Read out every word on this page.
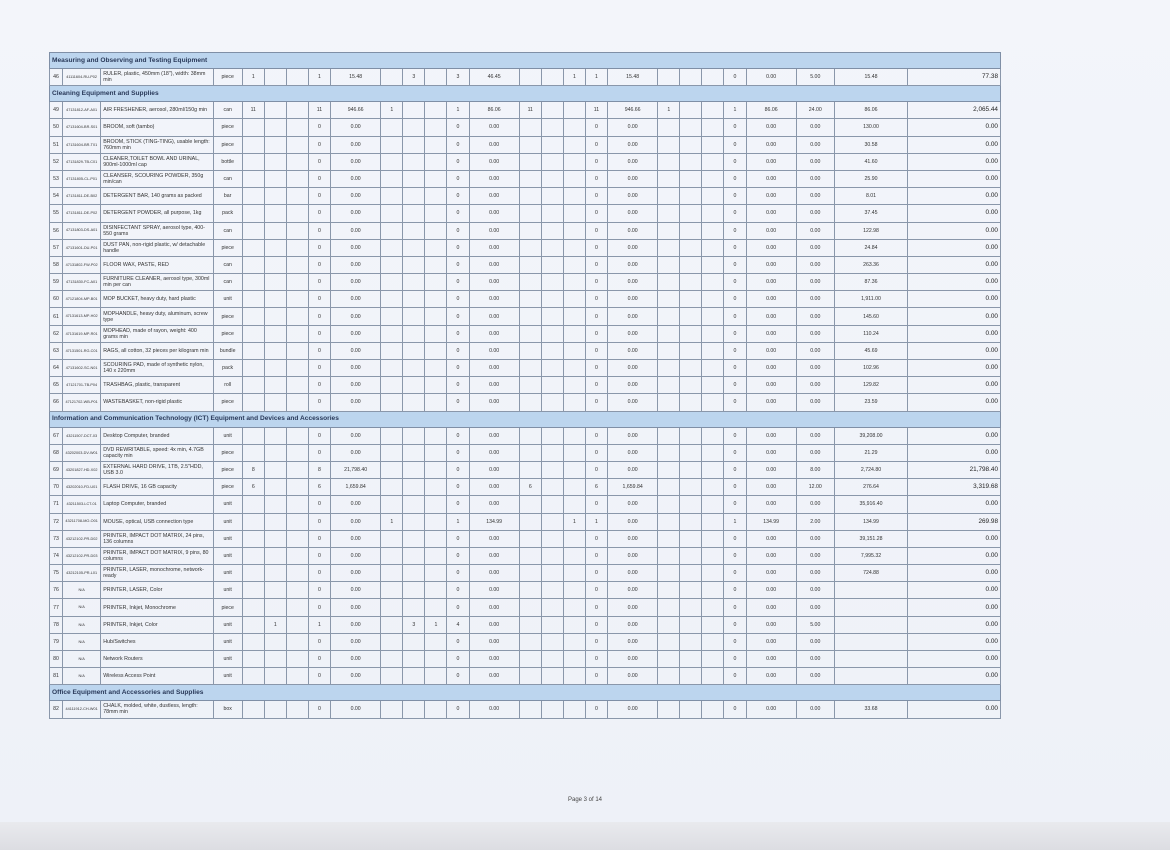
Measuring and Observing and Testing Equipment																										
46	41111604-RU-P02	RULER, plastic, 450mm (18"), width: 38mm min	piece	1			1	15.48		3		3	46.45			1	1	15.48				0	0.00	5.00	15.48	77.38
Cleaning Equipment and Supplies																										
49	47131812-AF-A01	AIR FRESHENER, aerosol, 280ml/150g min	can	11			11	946.66	1			1	86.06	11			11	946.66	1			1	86.06	24.00	86.06	2,065.44
50	47131604-BR-S01	BROOM, soft (tambo)	piece				0	0.00				0	0.00				0	0.00				0	0.00	0.00	130.00	0.00
51	47131604-BR-T01	BROOM, STICK (TING-TING), usable length: 760mm min	piece				0	0.00				0	0.00				0	0.00				0	0.00	0.00	30.58	0.00
52	47131829-TB-C01	CLEANER,TOILET BOWL AND URINAL, 900ml-1000ml cap	bottle				0	0.00				0	0.00				0	0.00				0	0.00	0.00	41.60	0.00
53	47131805-CL-P01	CLEANSER, SCOURING POWDER, 350g min/can	can				0	0.00				0	0.00				0	0.00				0	0.00	0.00	25.90	0.00
54	47131811-DE-B02	DETERGENT BAR, 140 grams as packed	bar				0	0.00				0	0.00				0	0.00				0	0.00	0.00	8.01	0.00
55	47131811-DE-P02	DETERGENT POWDER, all purpose, 1kg	pack				0	0.00				0	0.00				0	0.00				0	0.00	0.00	37.45	0.00
56	47131803-DS-A01	DISINFECTANT SPRAY, aerosol type, 400-550 grams	can				0	0.00				0	0.00				0	0.00				0	0.00	0.00	122.98	0.00
57	47131601-DU-P01	DUST PAN, non-rigid plastic, w/ detachable handle	piece				0	0.00				0	0.00				0	0.00				0	0.00	0.00	24.84	0.00
58	47131802-FW-P02	FLOOR WAX, PASTE, RED	can				0	0.00				0	0.00				0	0.00				0	0.00	0.00	263.36	0.00
59	47131830-FC-A01	FURNITURE CLEANER, aerosol type, 300ml min per can	can				0	0.00				0	0.00				0	0.00				0	0.00	0.00	87.36	0.00
60	47121804-MP-B01	MOP BUCKET, heavy duty, hard plastic	unit				0	0.00				0	0.00				0	0.00				0	0.00	0.00	1,911.00	0.00
61	47131613-MP-H02	MOPHANDLE, heavy duty, aluminum, screw type	piece				0	0.00				0	0.00				0	0.00				0	0.00	0.00	145.60	0.00
62	47131619-MP-R01	MOPHEAD, made of rayon, weight: 400 grams min	piece				0	0.00				0	0.00				0	0.00				0	0.00	0.00	110.24	0.00
63	47131501-RG-C01	RAGS, all cotton, 32 pieces per kilogram min	bundle				0	0.00				0	0.00				0	0.00				0	0.00	0.00	45.69	0.00
64	47131602-SC-N01	SCOURING PAD, made of synthetic nylon, 140 x 220mm	pack				0	0.00				0	0.00				0	0.00				0	0.00	0.00	102.96	0.00
65	47121701-TB-P04	TRASHBAG, plastic, transparent	roll				0	0.00				0	0.00				0	0.00				0	0.00	0.00	129.82	0.00
66	47121702-WB-P01	WASTEBASKET, non-rigid plastic	piece				0	0.00				0	0.00				0	0.00				0	0.00	0.00	23.59	0.00
Information and Communication Technology (ICT) Equipment and Devices and Accessories																										
67	43211507-DCT-03	Desktop Computer, branded	unit				0	0.00				0	0.00				0	0.00				0	0.00	0.00	39,208.00	0.00
68	43202003-DV-W01	DVD REWRITABLE, speed: 4x min, 4.7GB capacity min	piece				0	0.00				0	0.00				0	0.00				0	0.00	0.00	21.29	0.00
69	43201827-HD-X02	EXTERNAL HARD DRIVE, 1TB, 2.5"HDD, USB 3.0	piece	8			8	21,798.40				0	0.00				0	0.00				0	0.00	8.00	2,724.80	21,798.40
70	43202010-FD-U01	FLASH DRIVE, 16 GB capacity	piece	6			6	1,659.84				0	0.00	6			6	1,659.84				0	0.00	12.00	276.64	3,319.68
71	43211503-LCT-01	Laptop Computer, branded	unit				0	0.00				0	0.00				0	0.00				0	0.00	0.00	35,916.40	0.00
72	43211708-MO-O01	MOUSE, optical, USB connection type	unit				0	0.00	1			1	134.99			1	1	0.00				1	134.99	2.00	134.99	269.98
73	43212102-PR-D02	PRINTER, IMPACT DOT MATRIX, 24 pins, 136 columns	unit				0	0.00				0	0.00				0	0.00				0	0.00	0.00	39,151.28	0.00
74	43212102-PR-D03	PRINTER, IMPACT DOT MATRIX, 9 pins, 80 columns	unit				0	0.00				0	0.00				0	0.00				0	0.00	0.00	7,995.32	0.00
75	43212105-PR-L01	PRINTER, LASER, monochrome, network-ready	unit				0	0.00				0	0.00				0	0.00				0	0.00	0.00	724.88	0.00
76	N/A	PRINTER, LASER, Color	unit				0	0.00				0	0.00				0	0.00				0	0.00	0.00		0.00
77	N/A	PRINTER, Inkjet, Monochrome	piece				0	0.00				0	0.00				0	0.00				0	0.00	0.00		0.00
78	N/A	PRINTER, Inkjet, Color	unit		1		1	0.00		3	1	4	0.00				0	0.00				0	0.00	5.00		0.00
79	N/A	Hub/Switches	unit				0	0.00				0	0.00				0	0.00				0	0.00	0.00		0.00
80	N/A	Network Routers	unit				0	0.00				0	0.00				0	0.00				0	0.00	0.00		0.00
81	N/A	Wireless Access Point	unit				0	0.00				0	0.00				0	0.00				0	0.00	0.00		0.00
Office Equipment and Accessories and Supplies																										
82	44111912-CH-W01	CHALK, molded, white, dustless, length: 78mm min	box				0	0.00				0	0.00				0	0.00				0	0.00	0.00	33.68	0.00
Page 3 of 14
